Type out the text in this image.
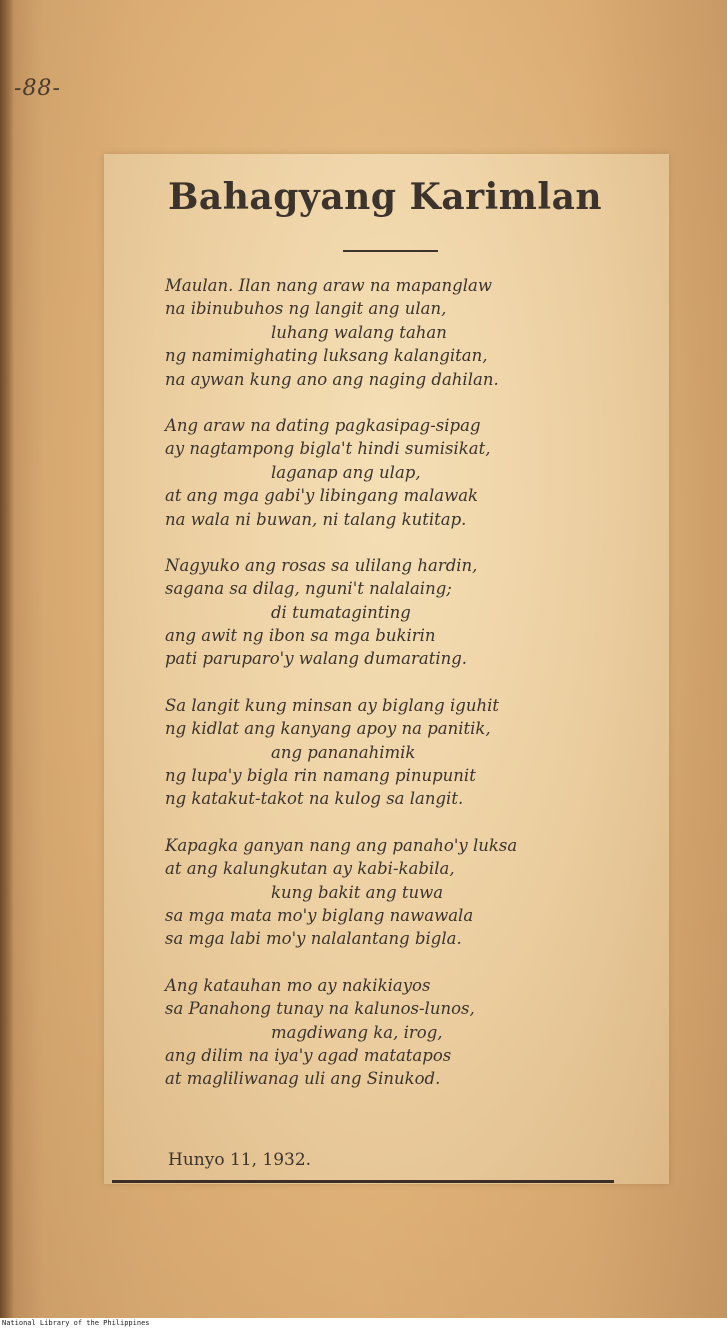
-88-
Bahagyang Karimlan
Maulan. Ilan nang araw na mapanglaw
na ibinubuhos ng langit ang ulan,
luhang walang tahan
ng namimighating luksang kalangitan,
na aywan kung ano ang naging dahilan.
Ang araw na dating pagkasipag-sipag
ay nagtampong bigla't hindi sumisikat,
laganap ang ulap,
at ang mga gabi'y libingang malawak
na wala ni buwan, ni talang kutitap.
Nagyuko ang rosas sa ulilang hardin,
sagana sa dilag, nguni't nalalaing;
di tumataginting
ang awit ng ibon sa mga bukirin
pati paruparo'y walang dumarating.
Sa langit kung minsan ay biglang iguhit
ng kidlat ang kanyang apoy na panitik,
ang pananahimik
ng lupa'y bigla rin namang pinupunit
ng katakut-takot na kulog sa langit.
Kapagka ganyan nang ang panaho'y luksa
at ang kalungkutan ay kabi-kabila,
kung bakit ang tuwa
sa mga mata mo'y biglang nawawala
sa mga labi mo'y nalalantang bigla.
Ang katauhan mo ay nakikiayos
sa Panahong tunay na kalunos-lunos,
magdiwang ka, irog,
ang dilim na iya'y agad matatapos
at magliliwanag uli ang Sinukod.
Hunyo 11, 1932.
National Library of the Philippines
